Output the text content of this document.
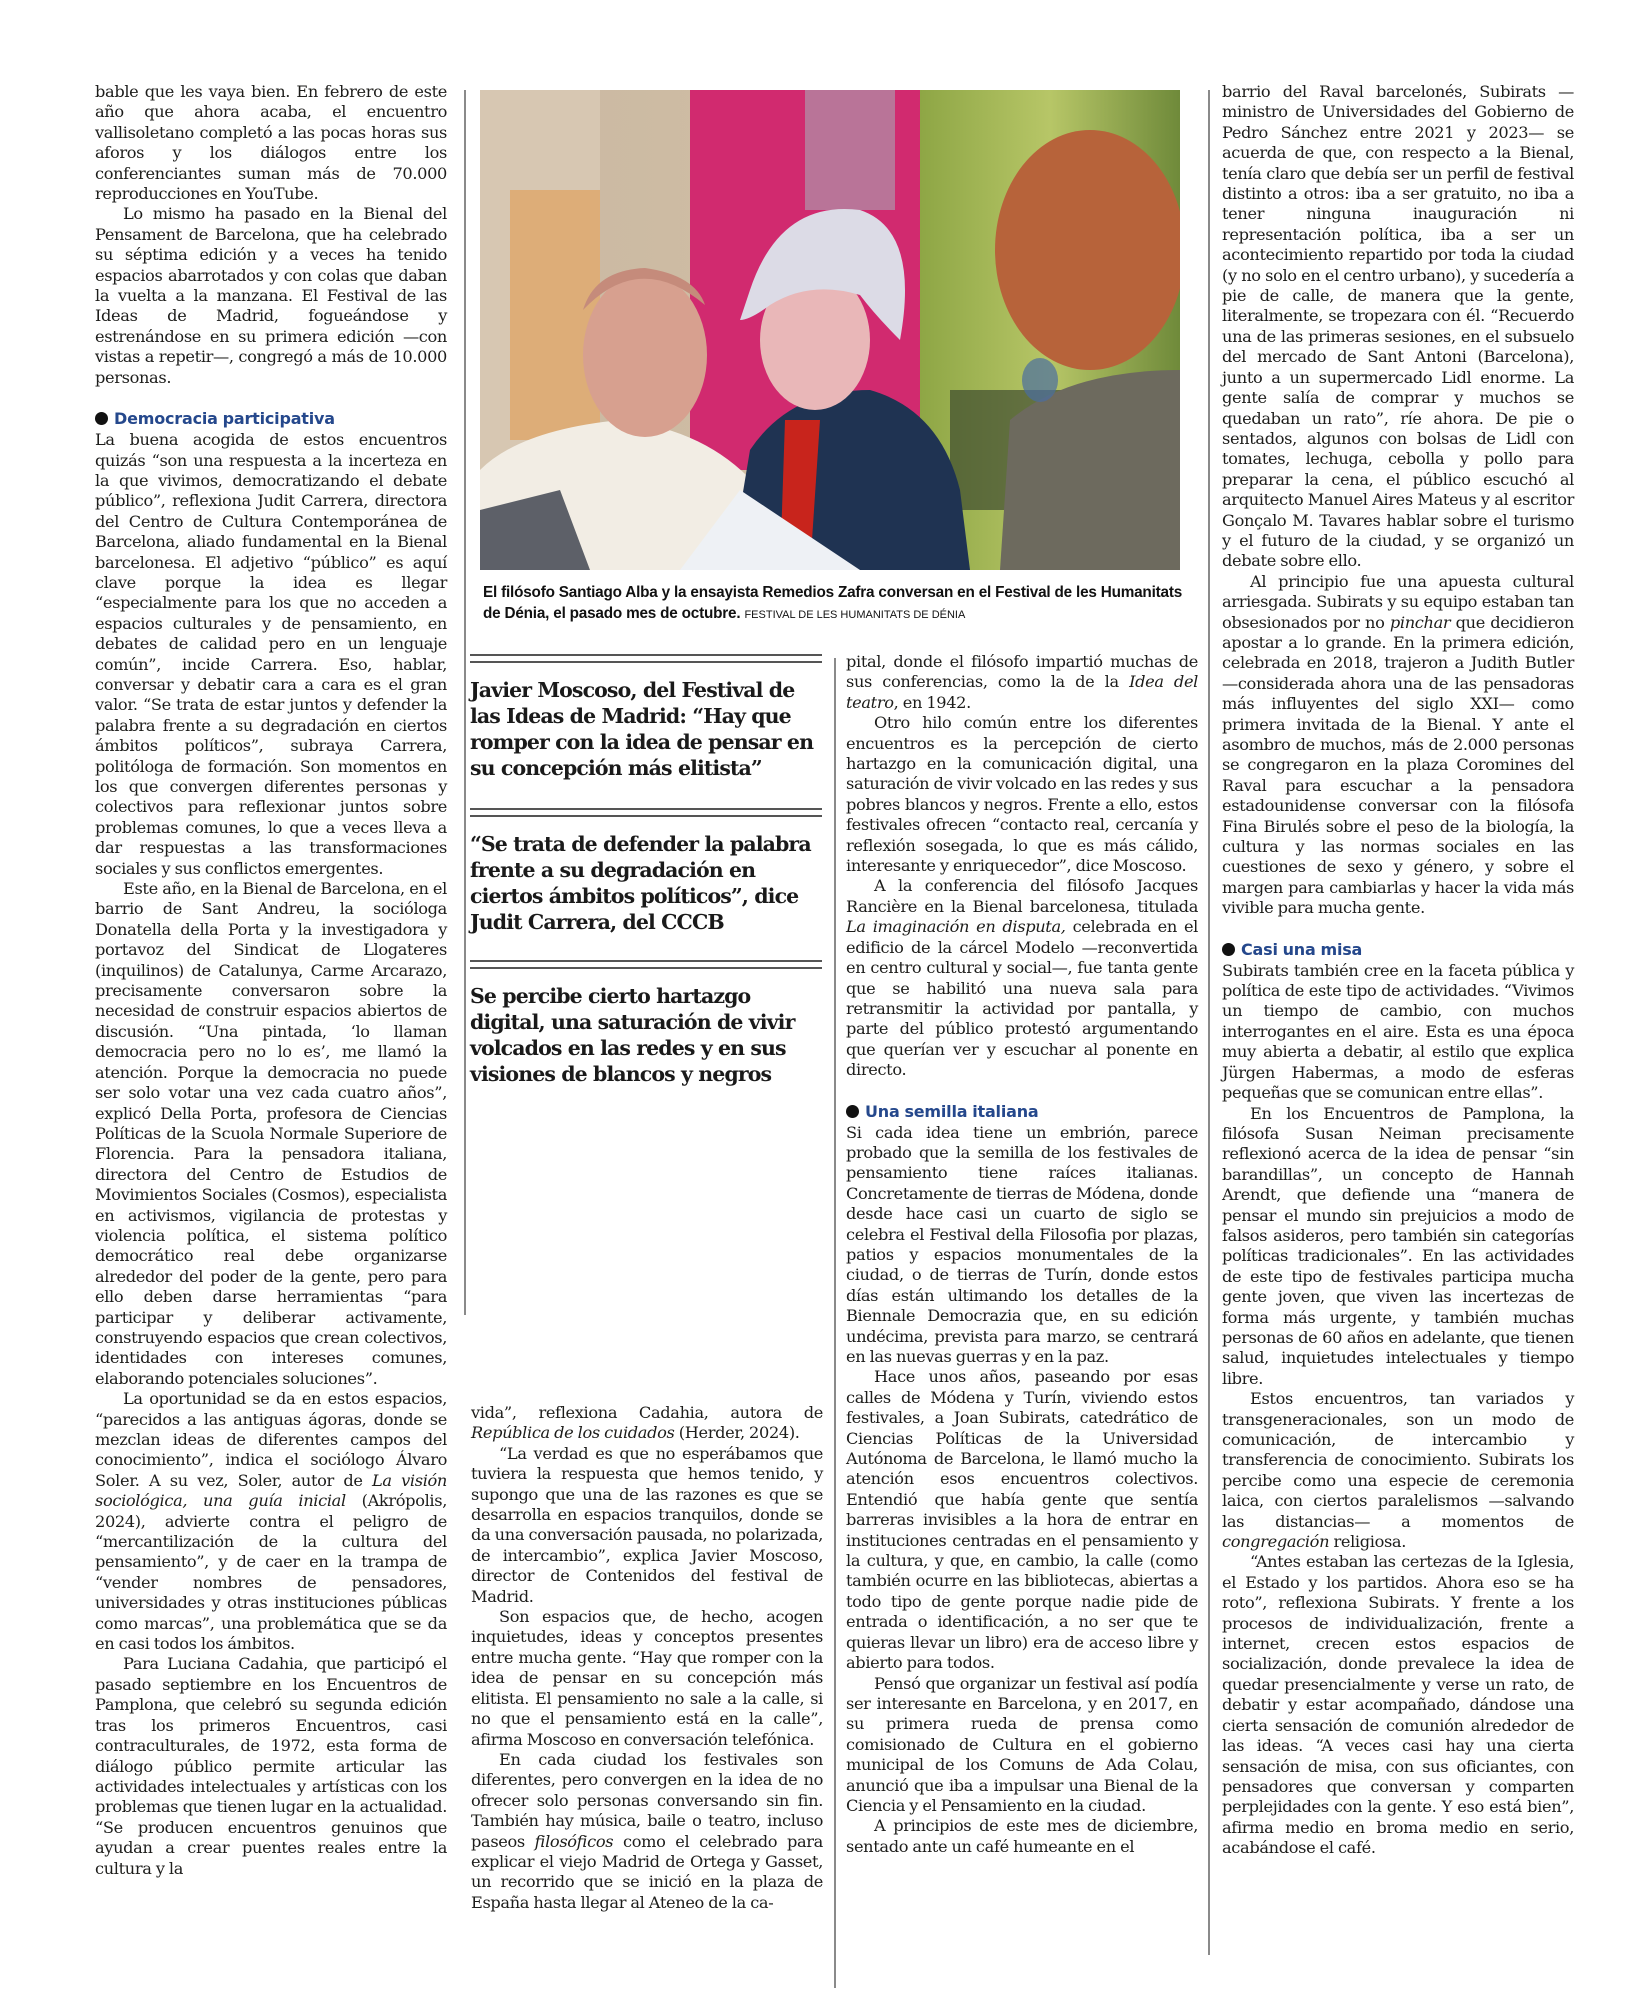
bable que les vaya bien. En febrero de este año que ahora acaba, el encuentro vallisoletano completó a las pocas horas sus aforos y los diálogos entre los conferenciantes suman más de 70.000 reproducciones en YouTube.

Lo mismo ha pasado en la Bienal del Pensament de Barcelona, que ha celebrado su séptima edición y a veces ha tenido espacios abarrotados y con colas que daban la vuelta a la manzana. El Festival de las Ideas de Madrid, fogueándose y estrenándose en su primera edición —con vistas a repetir—, congregó a más de 10.000 personas.

Democracia participativa

La buena acogida de estos encuentros quizás “son una respuesta a la incerteza en la que vivimos, democratizando el debate público”, reflexiona Judit Carrera, directora del Centro de Cultura Contemporánea de Barcelona, aliado fundamental en la Bienal barcelonesa. El adjetivo “público” es aquí clave porque la idea es llegar “especialmente para los que no acceden a espacios culturales y de pensamiento, en debates de calidad pero en un lenguaje común”, incide Carrera. Eso, hablar, conversar y debatir cara a cara es el gran valor. “Se trata de estar juntos y defender la palabra frente a su degradación en ciertos ámbitos políticos”, subraya Carrera, politóloga de formación. Son momentos en los que convergen diferentes personas y colectivos para reflexionar juntos sobre problemas comunes, lo que a veces lleva a dar respuestas a las transformaciones sociales y sus conflictos emergentes.

Este año, en la Bienal de Barcelona, en el barrio de Sant Andreu, la socióloga Donatella della Porta y la investigadora y portavoz del Sindicat de Llogateres (inquilinos) de Catalunya, Carme Arcarazo, precisamente conversaron sobre la necesidad de construir espacios abiertos de discusión. “Una pintada, ‘lo llaman democracia pero no lo es’, me llamó la atención. Porque la democracia no puede ser solo votar una vez cada cuatro años”, explicó Della Porta, profesora de Ciencias Políticas de la Scuola Normale Superiore de Florencia. Para la pensadora italiana, directora del Centro de Estudios de Movimientos Sociales (Cosmos), especialista en activismos, vigilancia de protestas y violencia política, el sistema político democrático real debe organizarse alrededor del poder de la gente, pero para ello deben darse herramientas “para participar y deliberar activamente, construyendo espacios que crean colectivos, identidades con intereses comunes, elaborando potenciales soluciones”.

La oportunidad se da en estos espacios, “parecidos a las antiguas ágoras, donde se mezclan ideas de diferentes campos del conocimiento”, indica el sociólogo Álvaro Soler. A su vez, Soler, autor de La visión sociológica, una guía inicial (Akrópolis, 2024), advierte contra el peligro de “mercantilización de la cultura del pensamiento”, y de caer en la trampa de “vender nombres de pensadores, universidades y otras instituciones públicas como marcas”, una problemática que se da en casi todos los ámbitos.

Para Luciana Cadahia, que participó el pasado septiembre en los Encuentros de Pamplona, que celebró su segunda edición tras los primeros Encuentros, casi contraculturales, de 1972, esta forma de diálogo público permite articular las actividades intelectuales y artísticas con los problemas que tienen lugar en la actualidad. “Se producen encuentros genuinos que ayudan a crear puentes reales entre la cultura y la

El filósofo Santiago Alba y la ensayista Remedios Zafra conversan en el Festival de les Humanitats de Dénia, el pasado mes de octubre. FESTIVAL DE LES HUMANITATS DE DÉNIA
Javier Moscoso, del Festival de las Ideas de Madrid: “Hay que romper con la idea de pensar en su concepción más elitista”
“Se trata de defender la palabra frente a su degradación en ciertos ámbitos políticos”, dice Judit Carrera, del CCCB
Se percibe cierto hartazgo digital, una saturación de vivir volcados en las redes y en sus visiones de blancos y negros

vida”, reflexiona Cadahia, autora de República de los cuidados (Herder, 2024).

“La verdad es que no esperábamos que tuviera la respuesta que hemos tenido, y supongo que una de las razones es que se desarrolla en espacios tranquilos, donde se da una conversación pausada, no polarizada, de intercambio”, explica Javier Moscoso, director de Contenidos del festival de Madrid.

Son espacios que, de hecho, acogen inquietudes, ideas y conceptos presentes entre mucha gente. “Hay que romper con la idea de pensar en su concepción más elitista. El pensamiento no sale a la calle, si no que el pensamiento está en la calle”, afirma Moscoso en conversación telefónica.

En cada ciudad los festivales son diferentes, pero convergen en la idea de no ofrecer solo personas conversando sin fin. También hay música, baile o teatro, incluso paseos filosóficos como el celebrado para explicar el viejo Madrid de Ortega y Gasset, un recorrido que se inició en la plaza de España hasta llegar al Ateneo de la ca-

pital, donde el filósofo impartió muchas de sus conferencias, como la de la Idea del teatro, en 1942.

Otro hilo común entre los diferentes encuentros es la percepción de cierto hartazgo en la comunicación digital, una saturación de vivir volcado en las redes y sus pobres blancos y negros. Frente a ello, estos festivales ofrecen “contacto real, cercanía y reflexión sosegada, lo que es más cálido, interesante y enriquecedor”, dice Moscoso.

A la conferencia del filósofo Jacques Rancière en la Bienal barcelonesa, titulada La imaginación en disputa, celebrada en el edificio de la cárcel Modelo —reconvertida en centro cultural y social—, fue tanta gente que se habilitó una nueva sala para retransmitir la actividad por pantalla, y parte del público protestó argumentando que querían ver y escuchar al ponente en directo.

Una semilla italiana

Si cada idea tiene un embrión, parece probado que la semilla de los festivales de pensamiento tiene raíces italianas. Concretamente de tierras de Módena, donde desde hace casi un cuarto de siglo se celebra el Festival della Filosofia por plazas, patios y espacios monumentales de la ciudad, o de tierras de Turín, donde estos días están ultimando los detalles de la Biennale Democrazia que, en su edición undécima, prevista para marzo, se centrará en las nuevas guerras y en la paz.

Hace unos años, paseando por esas calles de Módena y Turín, viviendo estos festivales, a Joan Subirats, catedrático de Ciencias Políticas de la Universidad Autónoma de Barcelona, le llamó mucho la atención esos encuentros colectivos. Entendió que había gente que sentía barreras invisibles a la hora de entrar en instituciones centradas en el pensamiento y la cultura, y que, en cambio, la calle (como también ocurre en las bibliotecas, abiertas a todo tipo de gente porque nadie pide de entrada o identificación, a no ser que te quieras llevar un libro) era de acceso libre y abierto para todos.

Pensó que organizar un festival así podía ser interesante en Barcelona, y en 2017, en su primera rueda de prensa como comisionado de Cultura en el gobierno municipal de los Comuns de Ada Colau, anunció que iba a impulsar una Bienal de la Ciencia y el Pensamiento en la ciudad.

A principios de este mes de diciembre, sentado ante un café humeante en el

barrio del Raval barcelonés, Subirats —ministro de Universidades del Gobierno de Pedro Sánchez entre 2021 y 2023— se acuerda de que, con respecto a la Bienal, tenía claro que debía ser un perfil de festival distinto a otros: iba a ser gratuito, no iba a tener ninguna inauguración ni representación política, iba a ser un acontecimiento repartido por toda la ciudad (y no solo en el centro urbano), y sucedería a pie de calle, de manera que la gente, literalmente, se tropezara con él. “Recuerdo una de las primeras sesiones, en el subsuelo del mercado de Sant Antoni (Barcelona), junto a un supermercado Lidl enorme. La gente salía de comprar y muchos se quedaban un rato”, ríe ahora. De pie o sentados, algunos con bolsas de Lidl con tomates, lechuga, cebolla y pollo para preparar la cena, el público escuchó al arquitecto Manuel Aires Mateus y al escritor Gonçalo M. Tavares hablar sobre el turismo y el futuro de la ciudad, y se organizó un debate sobre ello.

Al principio fue una apuesta cultural arriesgada. Subirats y su equipo estaban tan obsesionados por no pinchar que decidieron apostar a lo grande. En la primera edición, celebrada en 2018, trajeron a Judith Butler —considerada ahora una de las pensadoras más influyentes del siglo XXI— como primera invitada de la Bienal. Y ante el asombro de muchos, más de 2.000 personas se congregaron en la plaza Coromines del Raval para escuchar a la pensadora estadounidense conversar con la filósofa Fina Birulés sobre el peso de la biología, la cultura y las normas sociales en las cuestiones de sexo y género, y sobre el margen para cambiarlas y hacer la vida más vivible para mucha gente.

Casi una misa

Subirats también cree en la faceta pública y política de este tipo de actividades. “Vivimos un tiempo de cambio, con muchos interrogantes en el aire. Esta es una época muy abierta a debatir, al estilo que explica Jürgen Habermas, a modo de esferas pequeñas que se comunican entre ellas”.

En los Encuentros de Pamplona, la filósofa Susan Neiman precisamente reflexionó acerca de la idea de pensar “sin barandillas”, un concepto de Hannah Arendt, que defiende una “manera de pensar el mundo sin prejuicios a modo de falsos asideros, pero también sin categorías políticas tradicionales”. En las actividades de este tipo de festivales participa mucha gente joven, que viven las incertezas de forma más urgente, y también muchas personas de 60 años en adelante, que tienen salud, inquietudes intelectuales y tiempo libre.

Estos encuentros, tan variados y transgeneracionales, son un modo de comunicación, de intercambio y transferencia de conocimiento. Subirats los percibe como una especie de ceremonia laica, con ciertos paralelismos —salvando las distancias— a momentos de congregación religiosa.

“Antes estaban las certezas de la Iglesia, el Estado y los partidos. Ahora eso se ha roto”, reflexiona Subirats. Y frente a los procesos de individualización, frente a internet, crecen estos espacios de socialización, donde prevalece la idea de quedar presencialmente y verse un rato, de debatir y estar acompañado, dándose una cierta sensación de comunión alrededor de las ideas. “A veces casi hay una cierta sensación de misa, con sus oficiantes, con pensadores que conversan y comparten perplejidades con la gente. Y eso está bien”, afirma medio en broma medio en serio, acabándose el café.
